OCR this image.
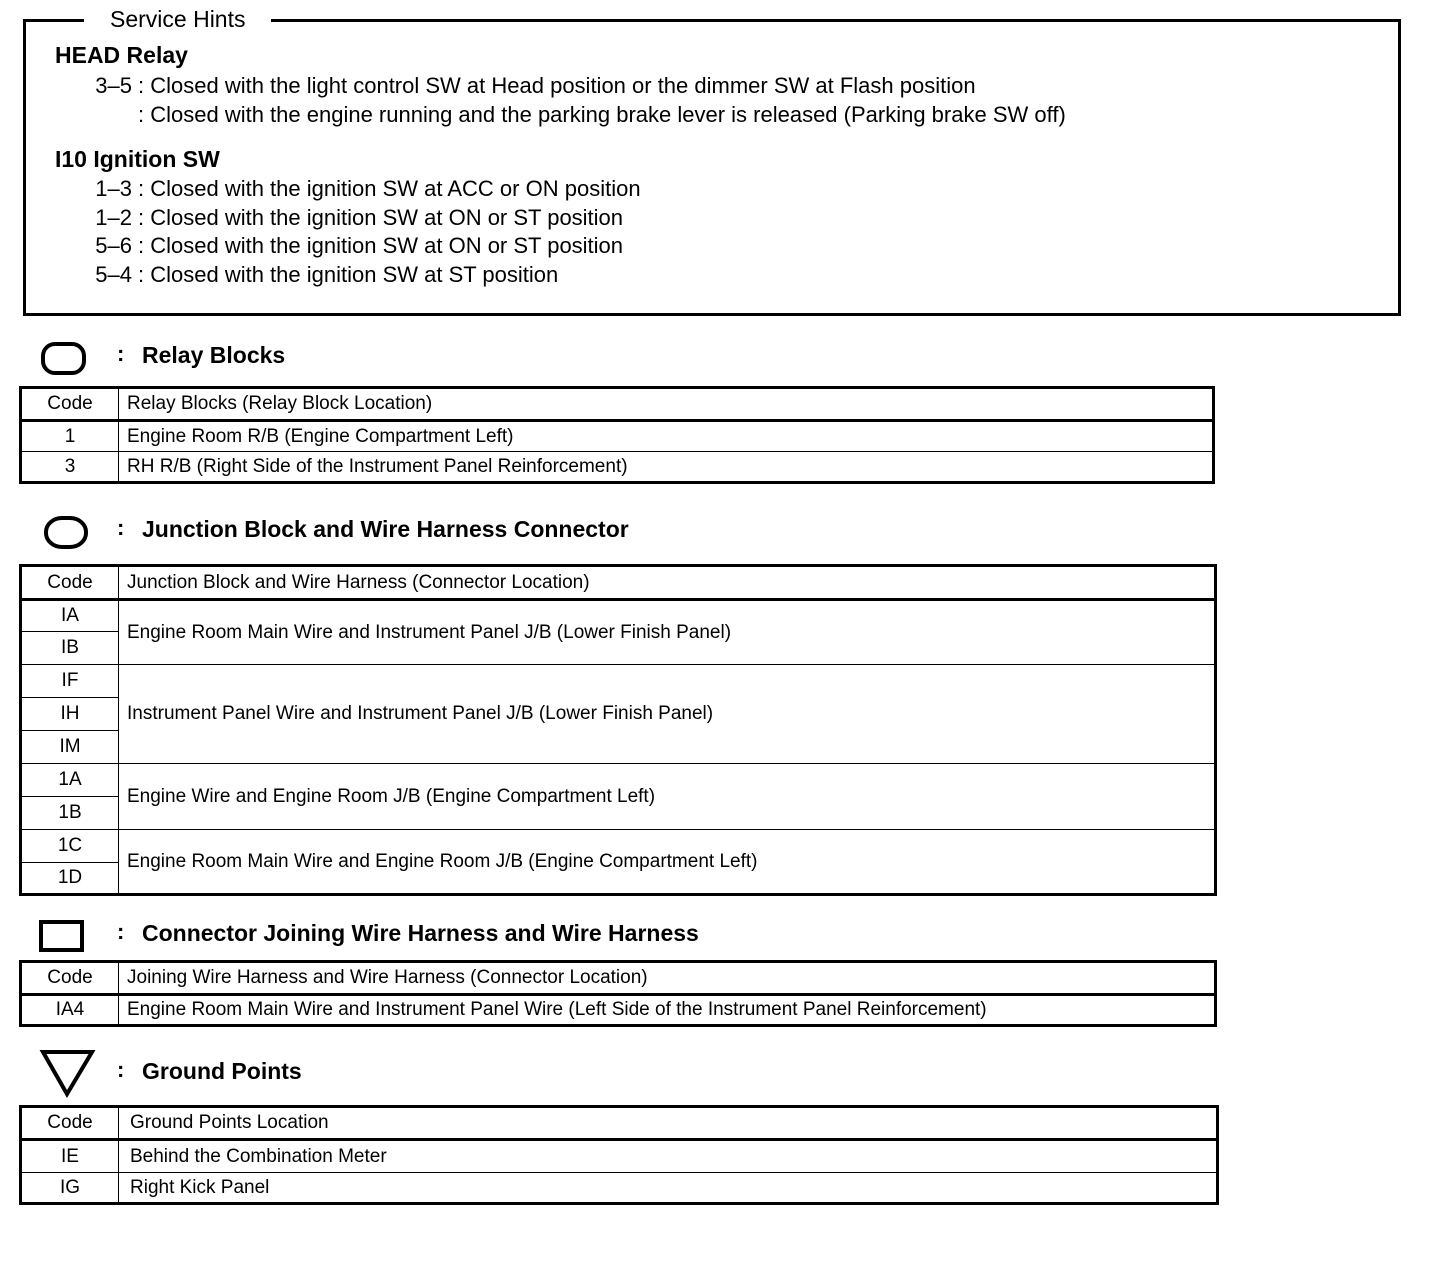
Service Hints
HEAD Relay
3–5 : Closed with the light control SW at Head position or the dimmer SW at Flash position
: Closed with the engine running and the parking brake lever is released (Parking brake SW off)
I10 Ignition SW
1–3 : Closed with the ignition SW at ACC or ON position
1–2 : Closed with the ignition SW at ON or ST position
5–6 : Closed with the ignition SW at ON or ST position
5–4 : Closed with the ignition SW at ST position
: Relay Blocks
Code	Relay Blocks (Relay Block Location)
1	Engine Room R/B (Engine Compartment Left)
3	RH R/B (Right Side of the Instrument Panel Reinforcement)
: Junction Block and Wire Harness Connector
Code	Junction Block and Wire Harness (Connector Location)
IA	Engine Room Main Wire and Instrument Panel J/B (Lower Finish Panel)
IB	
IF	Instrument Panel Wire and Instrument Panel J/B (Lower Finish Panel)
IH	
IM	
1A	Engine Wire and Engine Room J/B (Engine Compartment Left)
1B	
1C	Engine Room Main Wire and Engine Room J/B (Engine Compartment Left)
1D	
: Connector Joining Wire Harness and Wire Harness
Code	Joining Wire Harness and Wire Harness (Connector Location)
IA4	Engine Room Main Wire and Instrument Panel Wire (Left Side of the Instrument Panel Reinforcement)
: Ground Points
Code	Ground Points Location
IE	Behind the Combination Meter
IG	Right Kick Panel
